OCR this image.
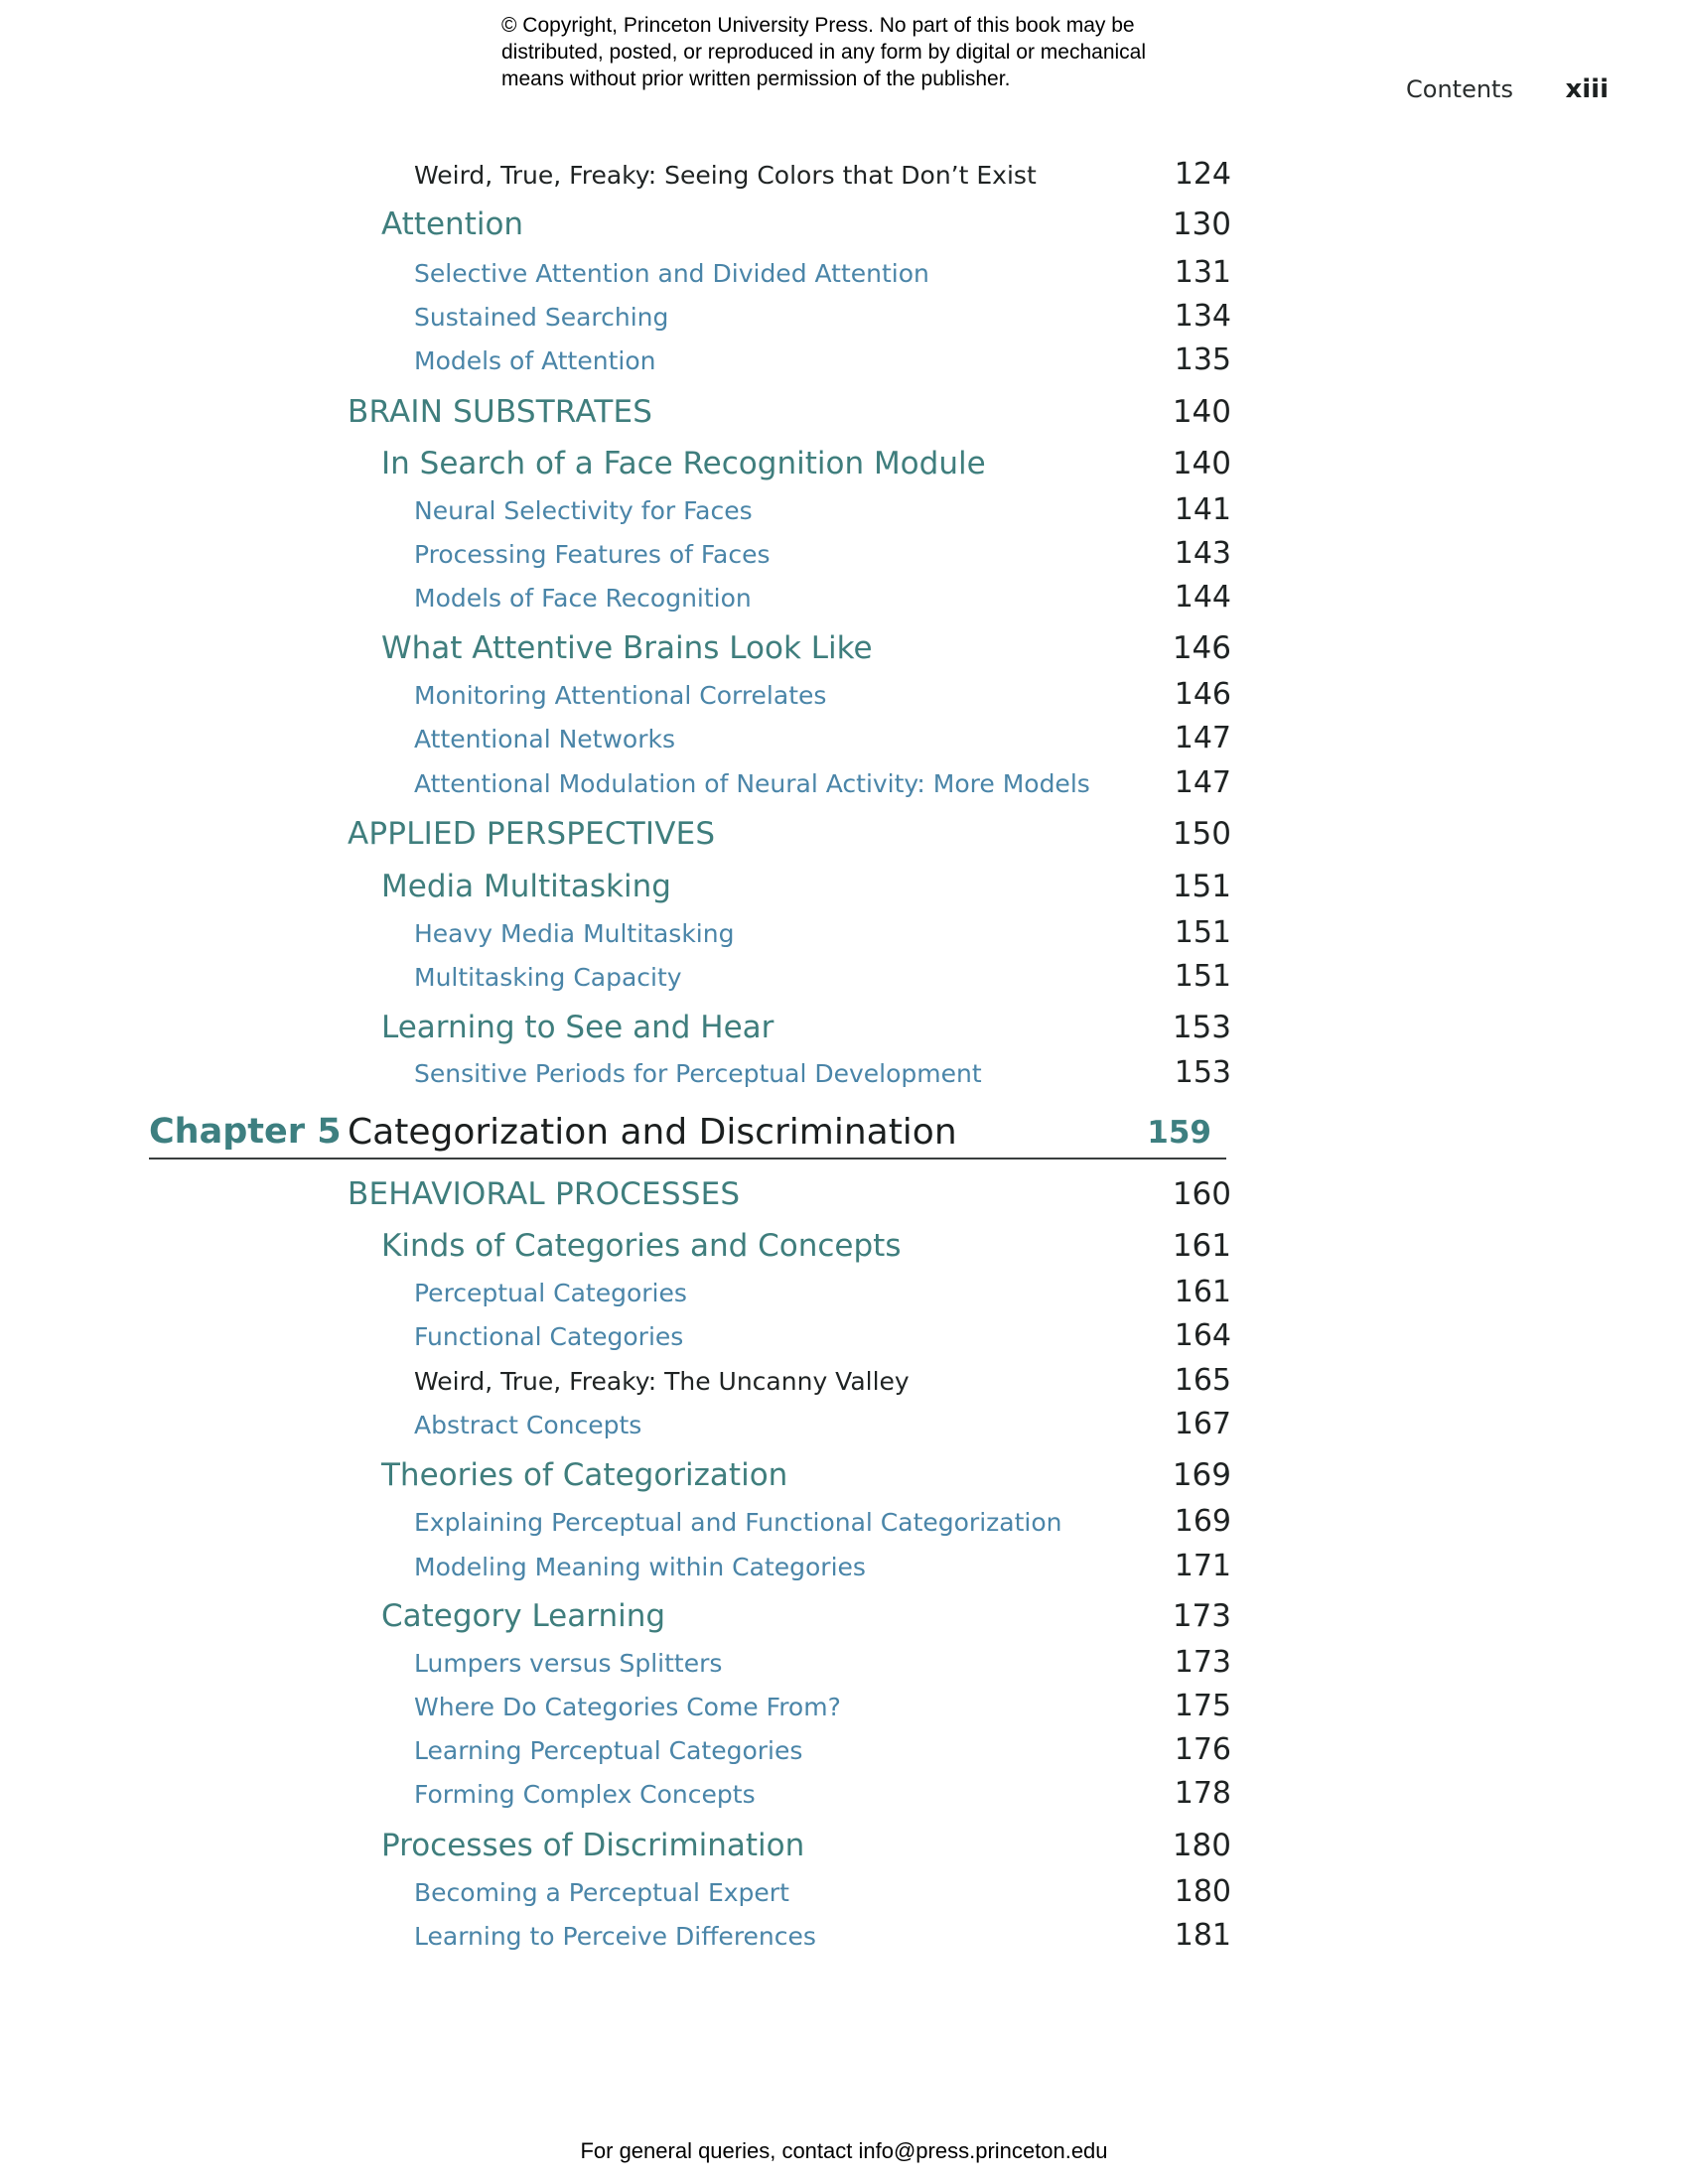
© Copyright, Princeton University Press. No part of this book may be
distributed, posted, or reproduced in any form by digital or mechanical
means without prior written permission of the publisher.	Contents xiii
Weird, True, Freaky: Seeing Colors that Don’t Exist	124
Attention	130
Selective Attention and Divided Attention	131
Sustained Searching	134
Models of Attention	135
BRAIN SUBSTRATES	140
In Search of a Face Recognition Module	140
Neural Selectivity for Faces	141
Processing Features of Faces	143
Models of Face Recognition	144
What Attentive Brains Look Like	146
Monitoring Attentional Correlates	146
Attentional Networks	147
Attentional Modulation of Neural Activity: More Models	147
APPLIED PERSPECTIVES	150
Media Multitasking	151
Heavy Media Multitasking	151
Multitasking Capacity	151
Learning to See and Hear	153
Sensitive Periods for Perceptual Development	153
Chapter 5 Categorization and Discrimination	159
BEHAVIORAL PROCESSES	160
Kinds of Categories and Concepts	161
Perceptual Categories	161
Functional Categories	164
Weird, True, Freaky: The Uncanny Valley	165
Abstract Concepts	167
Theories of Categorization	169
Explaining Perceptual and Functional Categorization	169
Modeling Meaning within Categories	171
Category Learning	173
Lumpers versus Splitters	173
Where Do Categories Come From?	175
Learning Perceptual Categories	176
Forming Complex Concepts	178
Processes of Discrimination	180
Becoming a Perceptual Expert	180
Learning to Perceive Differences	181
For general queries, contact info@press.princeton.edu
